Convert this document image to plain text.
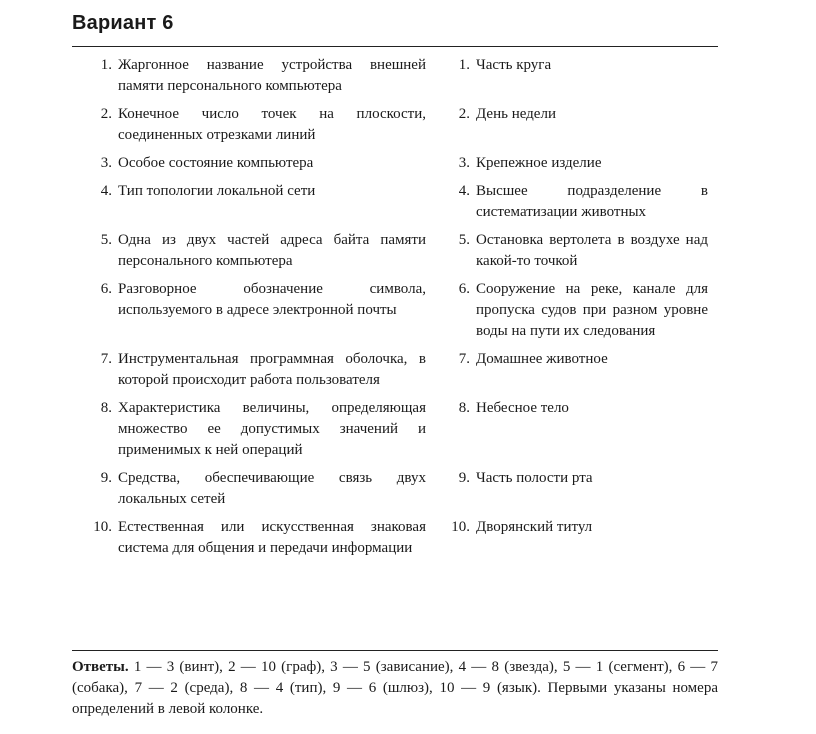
Вариант 6
1. Жаргонное название устройства внешней памяти персонального компьютера
1. Часть круга
2. Конечное число точек на плоскости, соединенных отрезками линий
2. День недели
3. Особое состояние компьютера	3. Крепежное изделие
4. Тип топологии локальной сети	4. Высшее подразделение в систематизации животных
5. Одна из двух частей адреса байта памяти персонального компьютера
5. Остановка вертолета в воздухе над какой-то точкой
6. Разговорное обозначение символа, используемого в адресе электронной почты
6. Сооружение на реке, канале для пропуска судов при разном уровне воды на пути их следования
7. Инструментальная программная оболочка, в которой происходит работа пользователя
7. Домашнее животное
8. Характеристика величины, определяющая множество ее допустимых значений и применимых к ней операций
8. Небесное тело
9. Средства, обеспечивающие связь двух локальных сетей
9. Часть полости рта
10. Естественная или искусственная знаковая система для общения и передачи информации
10. Дворянский титул
Ответы. 1 — 3 (винт), 2 — 10 (граф), 3 — 5 (зависание), 4 — 8 (звезда), 5 — 1 (сегмент), 6 — 7 (собака), 7 — 2 (среда), 8 — 4 (тип), 9 — 6 (шлюз), 10 — 9 (язык). Первыми указаны номера определений в левой колонке.
